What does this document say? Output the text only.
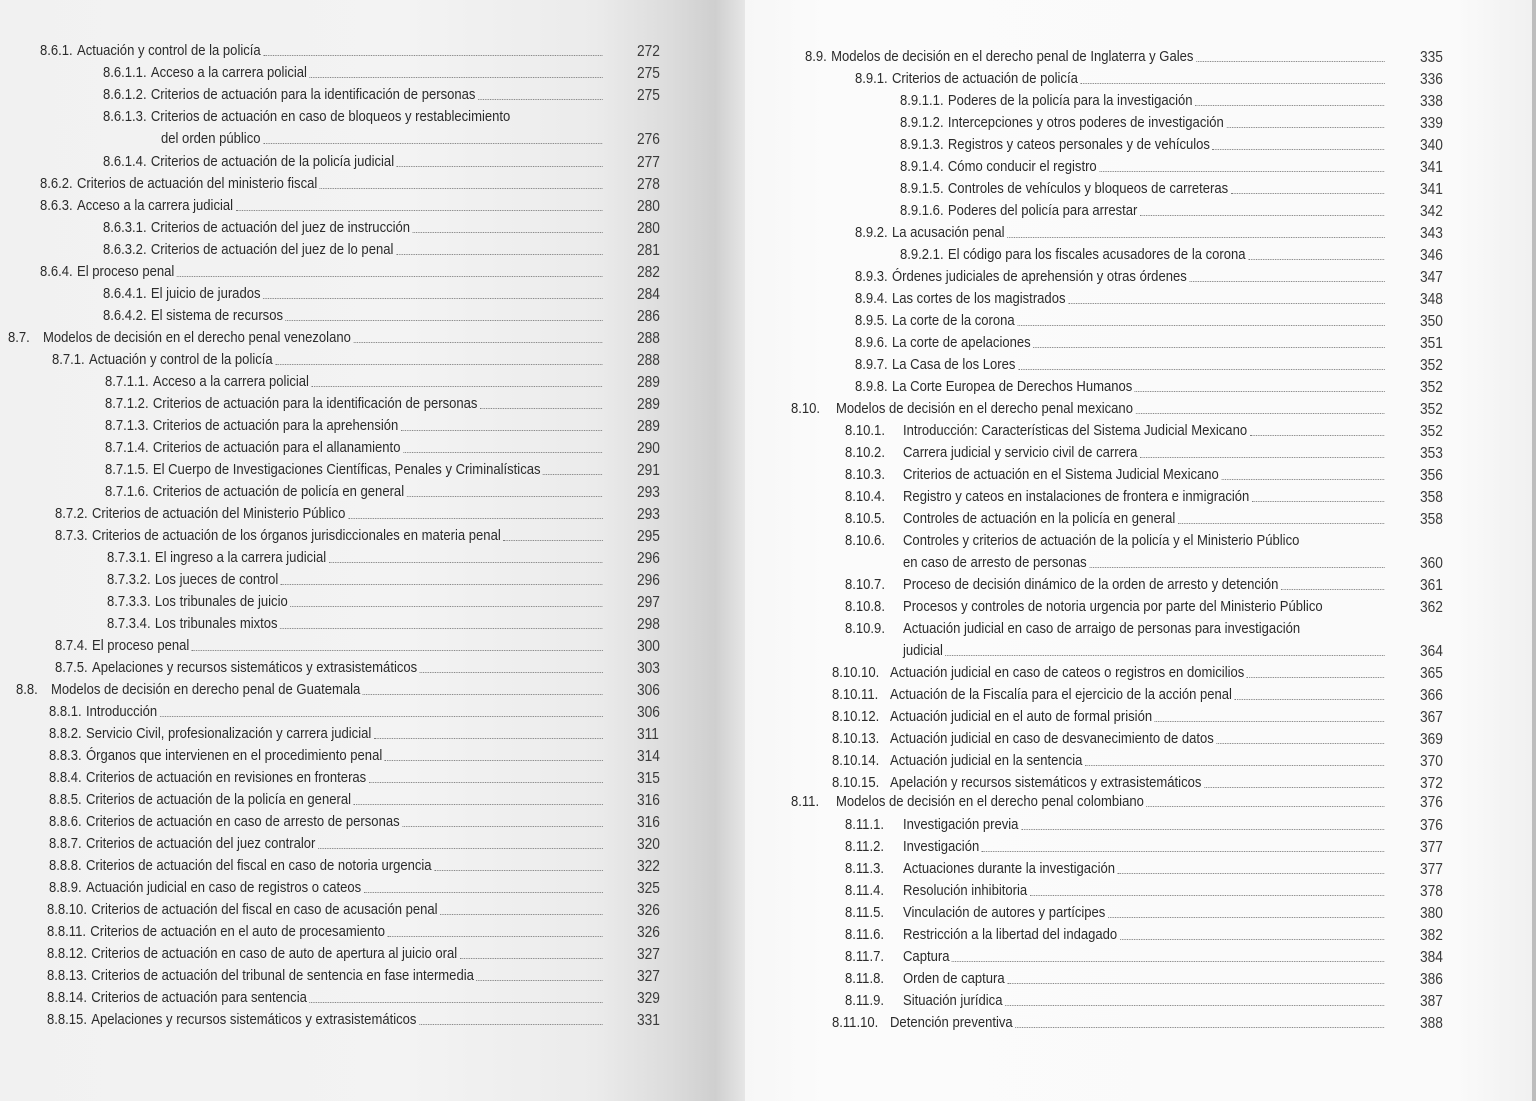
8.6.1. Actuación y control de la policía	272
8.6.1.1. Acceso a la carrera policial	275
8.6.1.2. Criterios de actuación para la identificación de personas	275
8.6.1.3. Criterios de actuación en caso de bloqueos y restablecimiento
del orden público	276
8.6.1.4. Criterios de actuación de la policía judicial	277
8.6.2. Criterios de actuación del ministerio fiscal	278
8.6.3. Acceso a la carrera judicial	280
8.6.3.1. Criterios de actuación del juez de instrucción	280
8.6.3.2. Criterios de actuación del juez de lo penal	281
8.6.4. El proceso penal	282
8.6.4.1. El juicio de jurados	284
8.6.4.2. El sistema de recursos	286
8.7. Modelos de decisión en el derecho penal venezolano	288
8.7.1. Actuación y control de la policía	288
8.7.1.1. Acceso a la carrera policial	289
8.7.1.2. Criterios de actuación para la identificación de personas	289
8.7.1.3. Criterios de actuación para la aprehensión	289
8.7.1.4. Criterios de actuación para el allanamiento	290
8.7.1.5. El Cuerpo de Investigaciones Científicas, Penales y Criminalísticas	291
8.7.1.6. Criterios de actuación de policía en general	293
8.7.2. Criterios de actuación del Ministerio Público	293
8.7.3. Criterios de actuación de los órganos jurisdiccionales en materia penal	295
8.7.3.1. El ingreso a la carrera judicial	296
8.7.3.2. Los jueces de control	296
8.7.3.3. Los tribunales de juicio	297
8.7.3.4. Los tribunales mixtos	298
8.7.4. El proceso penal	300
8.7.5. Apelaciones y recursos sistemáticos y extrasistemáticos	303
8.8. Modelos de decisión en derecho penal de Guatemala	306
8.8.1. Introducción	306
8.8.2. Servicio Civil, profesionalización y carrera judicial	311
8.8.3. Órganos que intervienen en el procedimiento penal	314
8.8.4. Criterios de actuación en revisiones en fronteras	315
8.8.5. Criterios de actuación de la policía en general	316
8.8.6. Criterios de actuación en caso de arresto de personas	316
8.8.7. Criterios de actuación del juez contralor	320
8.8.8. Criterios de actuación del fiscal en caso de notoria urgencia	322
8.8.9. Actuación judicial en caso de registros o cateos	325
8.8.10. Criterios de actuación del fiscal en caso de acusación penal	326
8.8.11. Criterios de actuación en el auto de procesamiento	326
8.8.12. Criterios de actuación en caso de auto de apertura al juicio oral	327
8.8.13. Criterios de actuación del tribunal de sentencia en fase intermedia	327
8.8.14. Criterios de actuación para sentencia	329
8.8.15. Apelaciones y recursos sistemáticos y extrasistemáticos	331
8.9. Modelos de decisión en el derecho penal de Inglaterra y Gales	335
8.9.1. Criterios de actuación de policía	336
8.9.1.1. Poderes de la policía para la investigación	338
8.9.1.2. Intercepciones y otros poderes de investigación	339
8.9.1.3. Registros y cateos personales y de vehículos	340
8.9.1.4. Cómo conducir el registro	341
8.9.1.5. Controles de vehículos y bloqueos de carreteras	341
8.9.1.6. Poderes del policía para arrestar	342
8.9.2. La acusación penal	343
8.9.2.1. El código para los fiscales acusadores de la corona	346
8.9.3. Órdenes judiciales de aprehensión y otras órdenes	347
8.9.4. Las cortes de los magistrados	348
8.9.5. La corte de la corona	350
8.9.6. La corte de apelaciones	351
8.9.7. La Casa de los Lores	352
8.9.8. La Corte Europea de Derechos Humanos	352
8.10.	Modelos de decisión en el derecho penal mexicano	352
8.10.1.	Introducción: Características del Sistema Judicial Mexicano	352
8.10.2.	Carrera judicial y servicio civil de carrera	353
8.10.3.	Criterios de actuación en el Sistema Judicial Mexicano	356
8.10.4.	Registro y cateos en instalaciones de frontera e inmigración	358
8.10.5.	Controles de actuación en la policía en general	358
8.10.6.	Controles y criterios de actuación de la policía y el Ministerio Público
en caso de arresto de personas	360
8.10.7.	Proceso de decisión dinámico de la orden de arresto y detención	361
8.10.8.	Procesos y controles de notoria urgencia por parte del Ministerio Público	362
8.10.9.	Actuación judicial en caso de arraigo de personas para investigación
judicial	364
8.10.10. Actuación judicial en caso de cateos o registros en domicilios	365
8.10.11. Actuación de la Fiscalía para el ejercicio de la acción penal	366
8.10.12. Actuación judicial en el auto de formal prisión	367
8.10.13. Actuación judicial en caso de desvanecimiento de datos	369
8.10.14. Actuación judicial en la sentencia	370
8.10.15. Apelación y recursos sistemáticos y extrasistemáticos	372
8.11.	Modelos de decisión en el derecho penal colombiano	376
8.11.1.	Investigación previa	376
8.11.2.	Investigación	377
8.11.3.	Actuaciones durante la investigación	377
8.11.4.	Resolución inhibitoria	378
8.11.5.	Vinculación de autores y partícipes	380
8.11.6.	Restricción a la libertad del indagado	382
8.11.7.	Captura	384
8.11.8.	Orden de captura	386
8.11.9.	Situación jurídica	387
8.11.10. Detención preventiva	388
